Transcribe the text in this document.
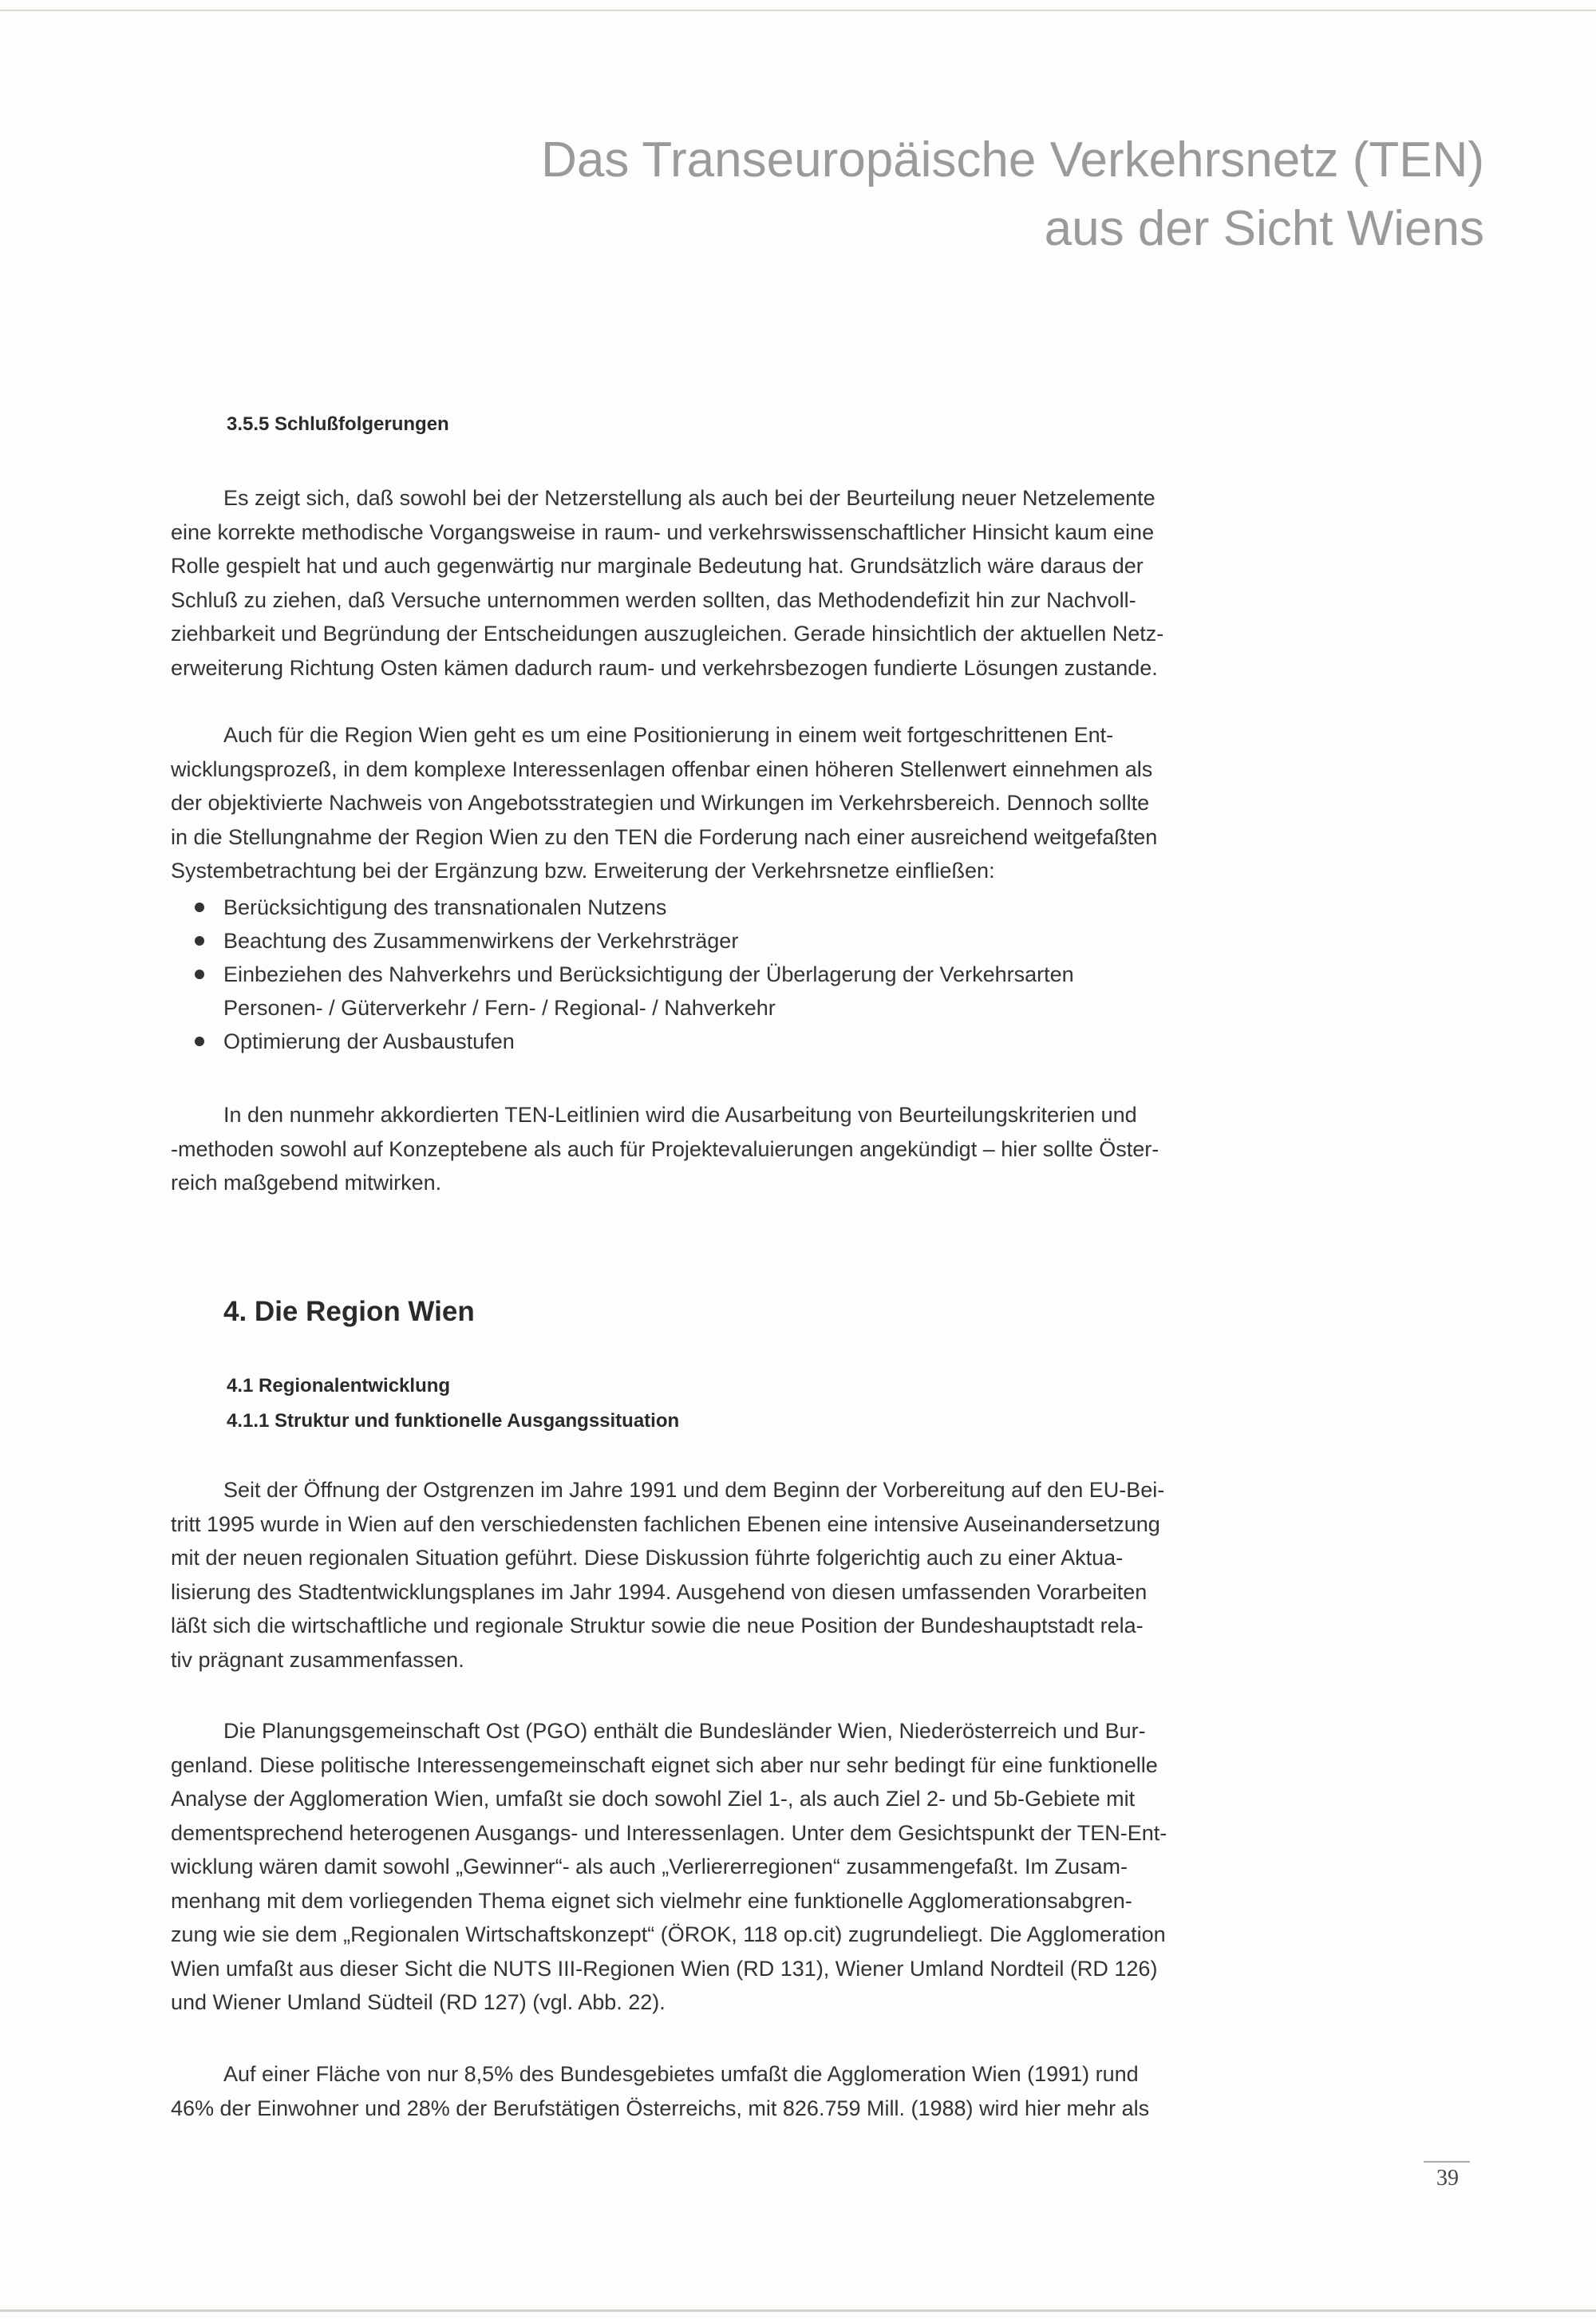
Das Transeuropäische Verkehrsnetz (TEN)
aus der Sicht Wiens
3.5.5 Schlußfolgerungen
Es zeigt sich, daß sowohl bei der Netzerstellung als auch bei der Beurteilung neuer Netzelemente
eine korrekte methodische Vorgangsweise in raum- und verkehrswissenschaftlicher Hinsicht kaum eine
Rolle gespielt hat und auch gegenwärtig nur marginale Bedeutung hat. Grundsätzlich wäre daraus der
Schluß zu ziehen, daß Versuche unternommen werden sollten, das Methodendefizit hin zur Nachvoll-
ziehbarkeit und Begründung der Entscheidungen auszugleichen. Gerade hinsichtlich der aktuellen Netz-
erweiterung Richtung Osten kämen dadurch raum- und verkehrsbezogen fundierte Lösungen zustande.
Auch für die Region Wien geht es um eine Positionierung in einem weit fortgeschrittenen Ent-
wicklungsprozeß, in dem komplexe Interessenlagen offenbar einen höheren Stellenwert einnehmen als
der objektivierte Nachweis von Angebotsstrategien und Wirkungen im Verkehrsbereich. Dennoch sollte
in die Stellungnahme der Region Wien zu den TEN die Forderung nach einer ausreichend weitgefaßten
Systembetrachtung bei der Ergänzung bzw. Erweiterung der Verkehrsnetze einfließen:
Berücksichtigung des transnationalen Nutzens
Beachtung des Zusammenwirkens der Verkehrsträger
Einbeziehen des Nahverkehrs und Berücksichtigung der Überlagerung der Verkehrsarten
Personen- / Güterverkehr / Fern- / Regional- / Nahverkehr
Optimierung der Ausbaustufen
In den nunmehr akkordierten TEN-Leitlinien wird die Ausarbeitung von Beurteilungskriterien und
-methoden sowohl auf Konzeptebene als auch für Projektevaluierungen angekündigt – hier sollte Öster-
reich maßgebend mitwirken.
4. Die Region Wien
4.1 Regionalentwicklung
4.1.1 Struktur und funktionelle Ausgangssituation
Seit der Öffnung der Ostgrenzen im Jahre 1991 und dem Beginn der Vorbereitung auf den EU-Bei-
tritt 1995 wurde in Wien auf den verschiedensten fachlichen Ebenen eine intensive Auseinandersetzung
mit der neuen regionalen Situation geführt. Diese Diskussion führte folgerichtig auch zu einer Aktua-
lisierung des Stadtentwicklungsplanes im Jahr 1994. Ausgehend von diesen umfassenden Vorarbeiten
läßt sich die wirtschaftliche und regionale Struktur sowie die neue Position der Bundeshauptstadt rela-
tiv prägnant zusammenfassen.
Die Planungsgemeinschaft Ost (PGO) enthält die Bundesländer Wien, Niederösterreich und Bur-
genland. Diese politische Interessengemeinschaft eignet sich aber nur sehr bedingt für eine funktionelle
Analyse der Agglomeration Wien, umfaßt sie doch sowohl Ziel 1-, als auch Ziel 2- und 5b-Gebiete mit
dementsprechend heterogenen Ausgangs- und Interessenlagen. Unter dem Gesichtspunkt der TEN-Ent-
wicklung wären damit sowohl „Gewinner“- als auch „Verliererregionen“ zusammengefaßt. Im Zusam-
menhang mit dem vorliegenden Thema eignet sich vielmehr eine funktionelle Agglomerationsabgren-
zung wie sie dem „Regionalen Wirtschaftskonzept“ (ÖROK, 118 op.cit) zugrundeliegt. Die Agglomeration
Wien umfaßt aus dieser Sicht die NUTS III-Regionen Wien (RD 131), Wiener Umland Nordteil (RD 126)
und Wiener Umland Südteil (RD 127) (vgl. Abb. 22).
Auf einer Fläche von nur 8,5% des Bundesgebietes umfaßt die Agglomeration Wien (1991) rund
46% der Einwohner und 28% der Berufstätigen Österreichs, mit 826.759 Mill. (1988) wird hier mehr als
39
